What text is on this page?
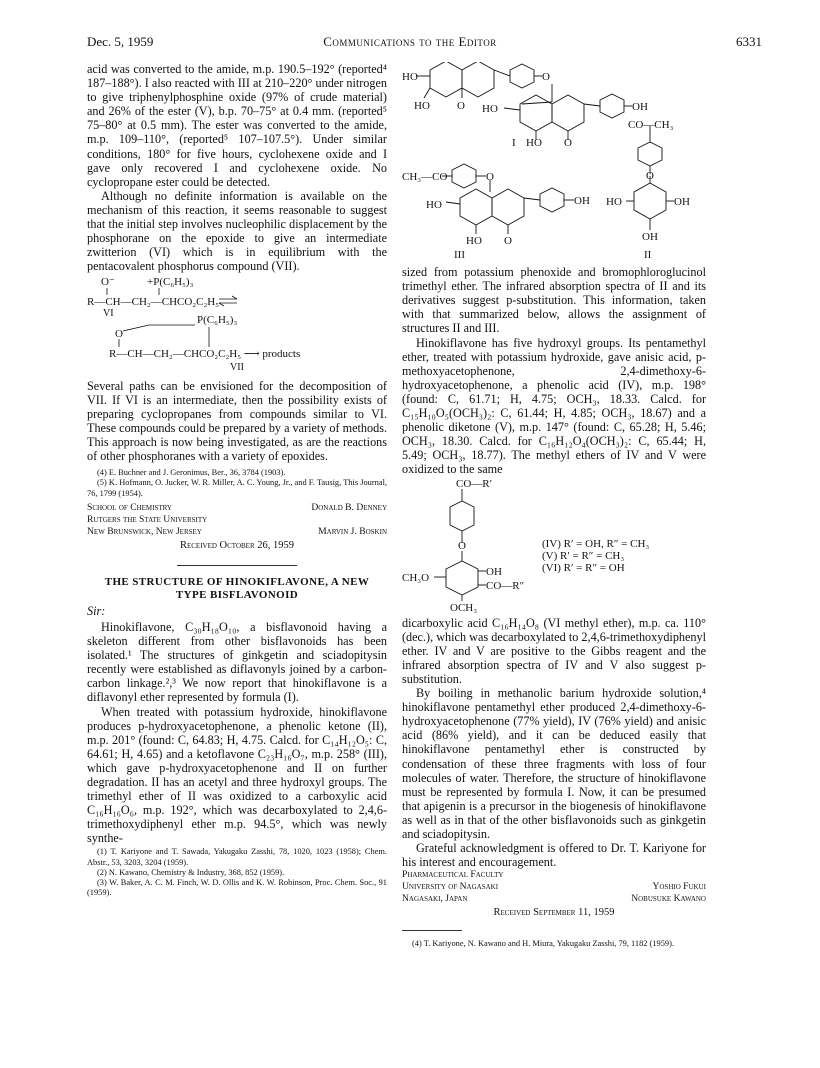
Dec. 5, 1959	Communications to the Editor	6331

acid was converted to the amide, m.p. 190.5–192° (reported⁴ 187–188°). I also reacted with III at 210–220° under nitrogen to give triphenylphosphine oxide (97% of crude material) and 26% of the ester (V), b.p. 70–75° at 0.4 mm. (reported⁵ 75–80° at 0.5 mm). The ester was converted to the amide, m.p. 109–110°, (reported⁵ 107–107.5°). Under similar conditions, 180° for five hours, cyclohexene oxide and I gave only recovered I and cyclohexene oxide. No cyclopropane ester could be detected.

Although no definite information is available on the mechanism of this reaction, it seems reasonable to suggest that the initial step involves nucleophilic displacement by the phosphorane on the epoxide to give an intermediate zwitterion (VI) which is in equilibrium with the pentacovalent phosphorus compound (VII).

O⁻	+P(C₆H₅)₃
R—CH—CH₂—CHCO₂C₂H₅
VI
P(C₆H₅)₃
O
R—CH—CH₂—CHCO₂C₂H₅ ⟶ products
VII

Several paths can be envisioned for the decomposition of VII. If VI is an intermediate, then the possibility exists of preparing cyclopropanes from compounds similar to VI. These compounds could be prepared by a variety of methods. This approach is now being investigated, as are the reactions of other phosphoranes with a variety of epoxides.

(4) E. Buchner and J. Geronimus, Ber., 36, 3784 (1903).

(5) K. Hofmann, O. Jucker, W. R. Miller, A. C. Young, Jr., and F. Tausig, This Journal, 76, 1799 (1954).

School of Chemistry	Donald B. Denney
Rutgers the State University
New Brunswick, New Jersey	Marvin J. Boskin
Received October 26, 1959
THE STRUCTURE OF HINOKIFLAVONE, A NEW
TYPE BISFLAVONOID

Sir:

Hinokiflavone, C₃₀H₁₈O₁₀, a bisflavonoid having a skeleton different from other bisflavonoids has been isolated.¹ The structures of ginkgetin and sciadopitysin recently were established as diflavonyls joined by a carbon-carbon linkage.²,³ We now report that hinokiflavone is a diflavonyl ether represented by formula (I).

When treated with potassium hydroxide, hinokiflavone produces p-hydroxyacetophenone, a phenolic ketone (II), m.p. 201° (found: C, 64.83; H, 4.75. Calcd. for C₁₄H₁₂O₅: C, 64.61; H, 4.65) and a ketoflavone C₂₃H₁₆O₇, m.p. 258° (III), which gave p-hydroxyacetophenone and II on further degradation. II has an acetyl and three hydroxyl groups. The trimethyl ether of II was oxidized to a carboxylic acid C₁₆H₁₆O₆, m.p. 192°, which was decarboxylated to 2,4,6-trimethoxydiphenyl ether m.p. 94.5°, which was newly synthe-

(1) T. Kariyone and T. Sawada, Yakugaku Zasshi, 78, 1020, 1023 (1958); Chem. Abstr., 53, 3203, 3204 (1959).

(2) N. Kawano, Chemistry & Industry, 368, 852 (1959).

(3) W. Baker, A. C. M. Finch, W. D. Ollis and K. W. Robinson, Proc. Chem. Soc., 91 (1959).

HO	O
HO O HO	OH
CO—CH₃
I HO O
CH₃—CO	O	O
HO	OH HO	OH
HO O	OH
III	II

sized from potassium phenoxide and bromophloroglucinol trimethyl ether. The infrared absorption spectra of II and its derivatives suggest p-substitution. This information, taken with that summarized below, allows the assignment of structures II and III.

Hinokiflavone has five hydroxyl groups. Its pentamethyl ether, treated with potassium hydroxide, gave anisic acid, p-methoxyacetophenone, 2,4-dimethoxy-6-hydroxyacetophenone, a phenolic acid (IV), m.p. 198° (found: C, 61.71; H, 4.75; OCH₃, 18.33. Calcd. for C₁₅H₁₀O₅(OCH₃)₂: C, 61.44; H, 4.85; OCH₃, 18.67) and a phenolic diketone (V), m.p. 147° (found: C, 65.28; H, 5.46; OCH₃, 18.30. Calcd. for C₁₆H₁₂O₄(OCH₃)₂: C, 65.44; H, 5.49; OCH₃, 18.77). The methyl ethers of IV and V were oxidized to the same

CO—R′
O
CH₃O	OH
CO—R″
OCH₃
(IV) R′ = OH, R″ = CH₃
(V) R′ = R″ = CH₃
(VI) R′ = R″ = OH

dicarboxylic acid C₁₆H₁₄O₈ (VI methyl ether), m.p. ca. 110° (dec.), which was decarboxylated to 2,4,6-trimethoxydiphenyl ether. IV and V are positive to the Gibbs reagent and the infrared absorption spectra of IV and V also suggest p-substitution.

By boiling in methanolic barium hydroxide solution,⁴ hinokiflavone pentamethyl ether produced 2,4-dimethoxy-6-hydroxyacetophenone (77% yield), IV (76% yield) and anisic acid (86% yield), and it can be deduced easily that hinokiflavone pentamethyl ether is constructed by condensation of these three fragments with loss of four molecules of water. Therefore, the structure of hinokiflavone must be represented by formula I. Now, it can be presumed that apigenin is a precursor in the biogenesis of hinokiflavone as well as in that of the other bisflavonoids such as ginkgetin and sciadopitysin.

Grateful acknowledgment is offered to Dr. T. Kariyone for his interest and encouragement.

Pharmaceutical Faculty
University of Nagasaki	Yoshio Fukui
Nagasaki, Japan	Nobusuke Kawano
Received September 11, 1959

(4) T. Kariyone, N. Kawano and H. Miura, Yakugaku Zasshi, 79, 1182 (1959).
